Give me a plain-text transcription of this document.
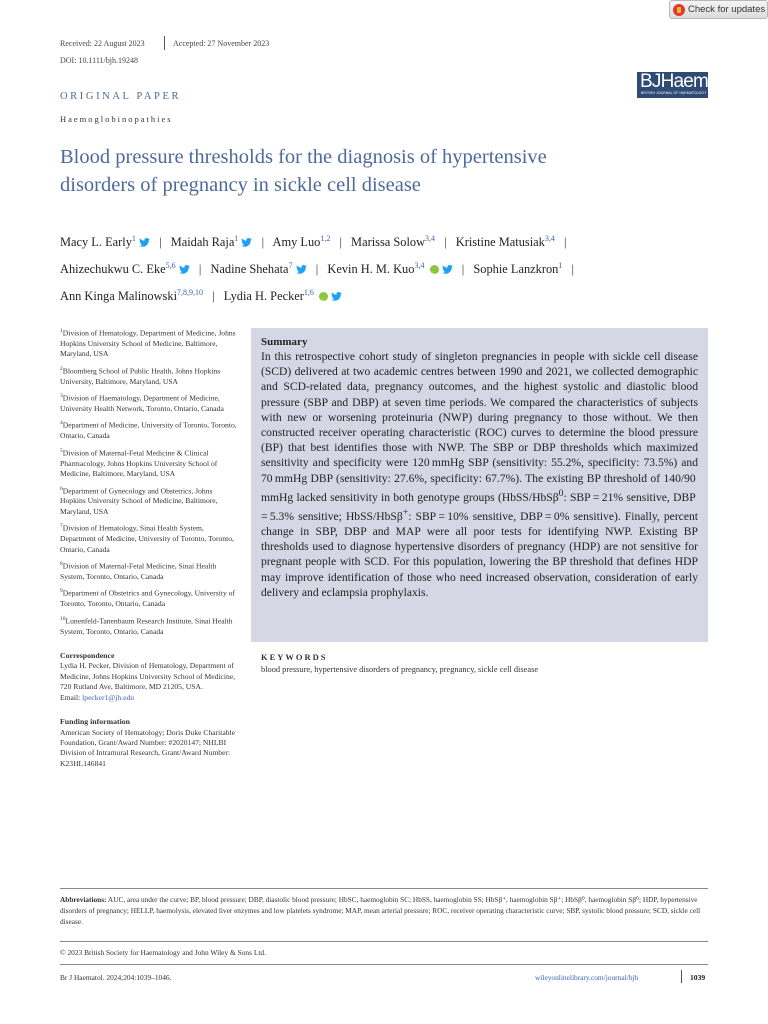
Check for updates
Received: 22 August 2023	Accepted: 27 November 2023
DOI: 10.1111/bjh.19248
BJHaem
BRITISH JOURNAL OF HAEMATOLOGY
ORIGINAL PAPER
Haemoglobinopathies
Blood pressure thresholds for the diagnosis of hypertensive
disorders of pregnancy in sickle cell disease
Macy L. Early$^1$ | Maidah Raja$^1$ | Amy Luo$^{1,2}$ | Marissa Solow$^{3,4}$ | Kristine Matusiak$^{3,4}$ |
Ahizechukwu C. Eke$^{5,6}$ | Nadine Shehata$^7$ | Kevin H. M. Kuo$^{3,4}$ i	| Sophie Lanzkron$^1$ |
Ann Kinga Malinowski$^{7,8,9,10}$ | Lydia H. Pecker$^{1,6}$ i

$^1$Division of Hematology, Department of Medicine, Johns Hopkins University School of Medicine, Baltimore, Maryland, USA

$^2$Bloomberg School of Public Health, Johns Hopkins University, Baltimore, Maryland, USA

$^3$Division of Haematology, Department of Medicine, University Health Network, Toronto, Ontario, Canada

$^4$Department of Medicine, University of Toronto, Toronto, Ontario, Canada

$^5$Division of Maternal-Fetal Medicine & Clinical Pharmacology, Johns Hopkins University School of Medicine, Baltimore, Maryland, USA

$^6$Department of Gynecology and Obstetrics, Johns Hopkins University School of Medicine, Baltimore, Maryland, USA

$^7$Division of Hematology, Sinai Health System, Department of Medicine, University of Toronto, Toronto, Ontario, Canada

$^8$Division of Maternal-Fetal Medicine, Sinai Health System, Toronto, Ontario, Canada

$^9$Department of Obstetrics and Gynecology, University of Toronto, Toronto, Ontario, Canada

$^{10}$Lunenfeld-Tanenbaum Research Institute, Sinai Health System, Toronto, Ontario, Canada

Correspondence
Lydia H. Pecker, Division of Hematology, Department of Medicine, Johns Hopkins University School of Medicine, 720 Rutland Ave, Baltimore, MD 21205, USA.
Email: lpecker1@jh.edu
Funding information
American Society of Hematology; Doris Duke Charitable Foundation, Grant/Award Number: #2020147; NHLBI Division of Intramural Research, Grant/Award Number: K23HL146841
Summary

In this retrospective cohort study of singleton pregnancies in people with sickle cell disease (SCD) delivered at two academic centres between 1990 and 2021, we collected demographic and SCD-related data, pregnancy outcomes, and the highest systolic and diastolic blood pressure (SBP and DBP) at seven time periods. We compared the characteristics of subjects with new or worsening proteinuria (NWP) during pregnancy to those without. We then constructed receiver operating characteristic (ROC) curves to determine the blood pressure (BP) that best identifies those with NWP. The SBP or DBP thresholds which maximized sensitivity and specificity were 120 mmHg SBP (sensitivity: 55.2%, specificity: 73.5%) and 70 mmHg DBP (sensitivity: 27.6%, specificity: 67.7%). The existing BP threshold of 140/90 mmHg lacked sensitivity in both genotype groups (HbSS/HbSβ$^0$: SBP = 21% sensitive, DBP = 5.3% sensitive; HbSS/HbSβ+: SBP = 10% sensitive, DBP = 0% sensitive). Finally, percent change in SBP, DBP and MAP were all poor tests for identifying NWP. Existing BP thresholds used to diagnose hypertensive disorders of pregnancy (HDP) are not sensitive for pregnant people with SCD. For this population, lowering the BP threshold that defines HDP may improve identification of those who need increased observation, consideration of early delivery and eclampsia prophylaxis.

KEYWORDS
blood pressure, hypertensive disorders of pregnancy, pregnancy, sickle cell disease
Abbreviations: AUC, area under the curve; BP, blood pressure; DBP, diastolic blood pressure; HbSC, haemoglobin SC; HbSS, haemoglobin SS; HbSβ⁺, haemoglobin Sβ⁺; HbSβ⁰, haemoglobin Sβ⁰; HDP, hypertensive disorders of pregnancy; HELLP, haemolysis, elevated liver enzymes and low platelets syndrome; MAP, mean arterial pressure; ROC, receiver operating characteristic curve; SBP, systolic blood pressure; SCD, sickle cell disease.
© 2023 British Society for Haematology and John Wiley & Sons Ltd.
Br J Haematol. 2024;204:1039–1046.	wileyonlinelibrary.com/journal/bjh	1039
